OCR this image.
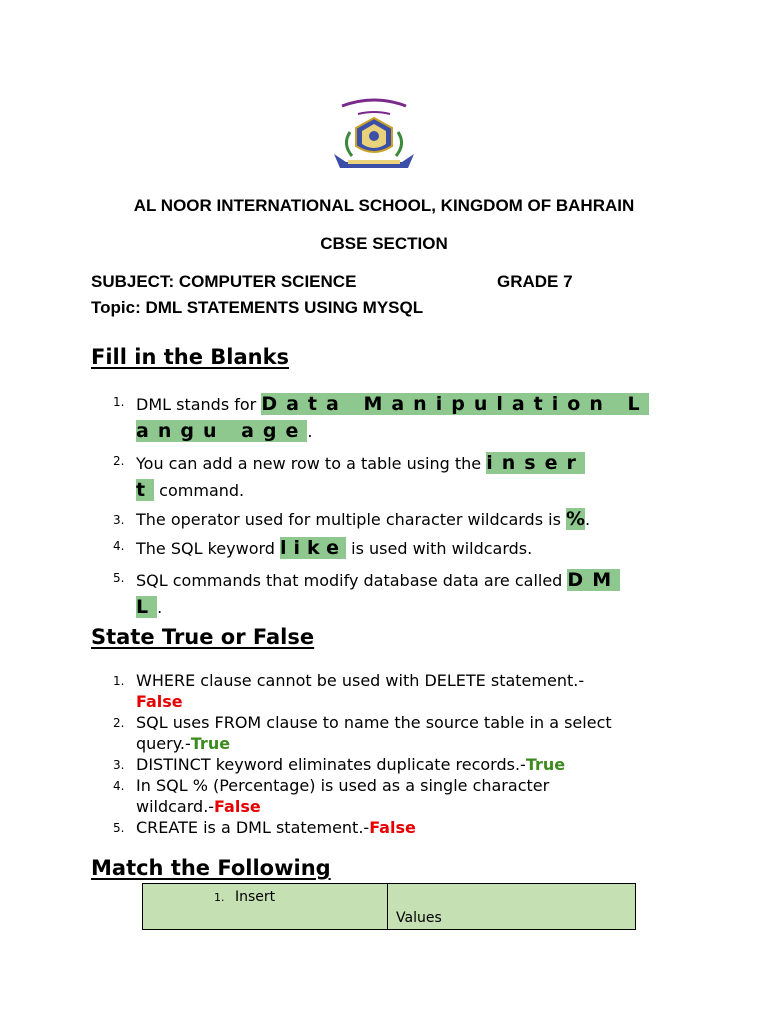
AL NOOR INTERNATIONAL SCHOOL, KINGDOM OF BAHRAIN
CBSE SECTION
SUBJECT: COMPUTER SCIENCE	GRADE 7
Topic: DML STATEMENTS USING MYSQL
Fill in the Blanks
1. DML stands for Data Manipulation L
angu age.
2. You can add a new row to a table using the inser
t command.
3. The operator used for multiple character wildcards is %.
4. The SQL keyword like is used with wildcards.
5. SQL commands that modify database data are called DM
L.
State True or False
1. WHERE clause cannot be used with DELETE statement.-
False
2. SQL uses FROM clause to name the source table in a select
query.-True
3. DISTINCT keyword eliminates duplicate records.-True
4. In SQL % (Percentage) is used as a single character
wildcard.-False
5. CREATE is a DML statement.-False
Match the Following
1. Insert
	Values
